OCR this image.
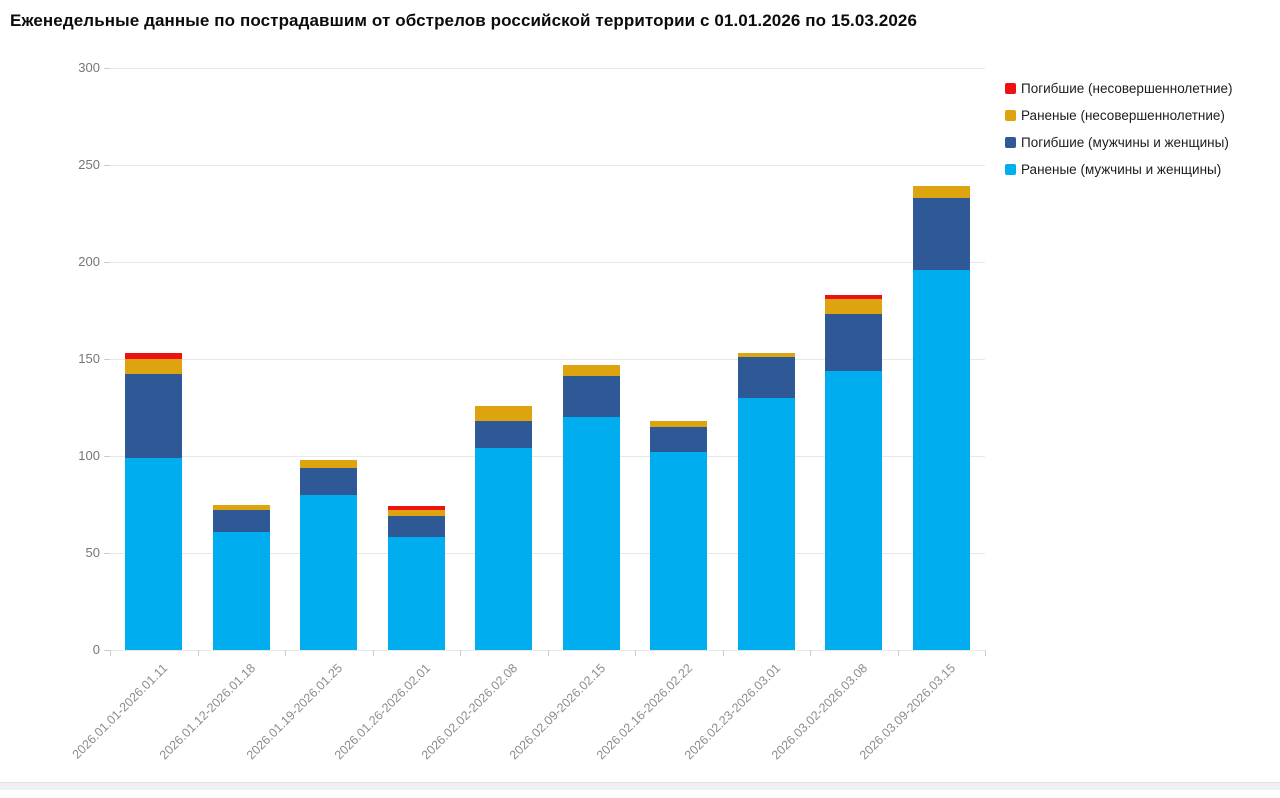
Еженедельные данные по пострадавшим от обстрелов российской территории с 01.01.2026 по 15.03.2026
0
50
100
150
200
250
300
2026.01.01-2026.01.11
2026.01.12-2026.01.18
2026.01.19-2026.01.25
2026.01.26-2026.02.01
2026.02.02-2026.02.08
2026.02.09-2026.02.15
2026.02.16-2026.02.22
2026.02.23-2026.03.01
2026.03.02-2026.03.08
2026.03.09-2026.03.15
Погибшие (несовершеннолетние)
Раненые (несовершеннолетние)
Погибшие (мужчины и женщины)
Раненые (мужчины и женщины)
